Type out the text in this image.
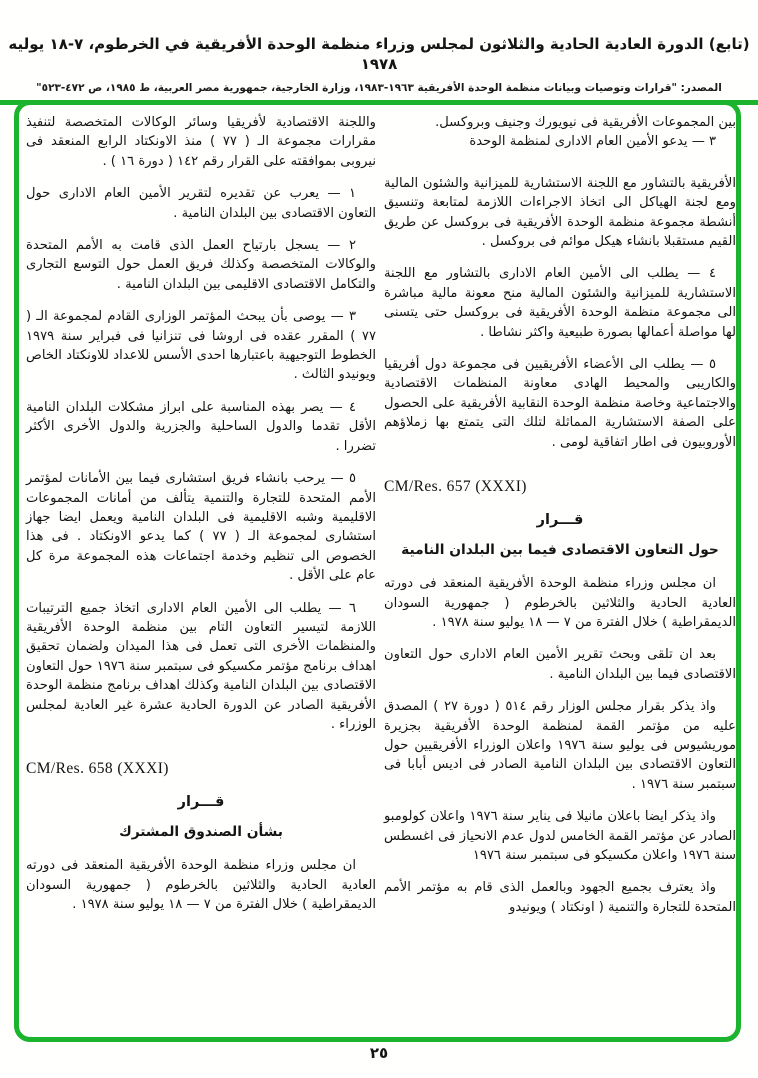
(تابع) الدورة العادية الحادية والثلاثون لمجلس وزراء منظمة الوحدة الأفريقية في الخرطوم، ٧-١٨ يوليه ١٩٧٨
المصدر: "قرارات وتوصيات وبيانات منظمة الوحدة الأفريقية ١٩٦٣-١٩٨٣، وزارة الخارجية، جمهورية مصر العربية، ط ١٩٨٥، ص ٤٧٢-٥٢٣"

بين المجموعات الأفريقية فى نيويورك وجنيف وبروكسل.

٣ — يدعو الأمين العام الادارى لمنظمة الوحدة

الأفريقية بالتشاور مع اللجنة الاستشارية للميزانية والشئون المالية ومع لجنة الهياكل الى اتخاذ الاجراءات اللازمة لمتابعة وتنسيق أنشطة مجموعة منظمة الوحدة الأفريقية فى بروكسل عن طريق القيم مستقبلا بانشاء هيكل موائم فى بروكسل .

٤ — يطلب الى الأمين العام الادارى بالتشاور مع اللجنة الاستشارية للميزانية والشئون المالية منح معونة مالية مباشرة الى مجموعة منظمة الوحدة الأفريقية فى بروكسل حتى يتسنى لها مواصلة أعمالها بصورة طبيعية واكثر نشاطا .

٥ — يطلب الى الأعضاء الأفريقيين فى مجموعة دول أفريقيا والكاريبى والمحيط الهادى معاونة المنظمات الاقتصادية والاجتماعية وخاصة منظمة الوحدة النقابية الأفريقية على الحصول على الصفة الاستشارية المماثلة لتلك التى يتمتع بها زملاؤهم الأوروبيون فى اطار اتفاقية لومى .

CM/Res. 657 (XXXI)

قـــرار

حول التعاون الاقتصادى فيما بين البلدان النامية

ان مجلس وزراء منظمة الوحدة الأفريقية المنعقد فى دورته العادية الحادية والثلاثين بالخرطوم ( جمهورية السودان الديمقراطية ) خلال الفترة من ٧ — ١٨ يوليو سنة ١٩٧٨ .

بعد ان تلقى وبحث تقرير الأمين العام الادارى حول التعاون الاقتصادى فيما بين البلدان النامية .

واذ يذكر بقرار مجلس الوزار رقم ٥١٤ ( دورة ٢٧ ) المصدق عليه من مؤتمر القمة لمنظمة الوحدة الأفريقية بجزيرة موريشيوس فى يوليو سنة ١٩٧٦ واعلان الوزراء الأفريقيين حول التعاون الاقتصادى بين البلدان النامية الصادر فى اديس أبابا فى سبتمبر سنة ١٩٧٦ .

واذ يذكر ايضا باعلان مانيلا فى يناير سنة ١٩٧٦ واعلان كولومبو الصادر عن مؤتمر القمة الخامس لدول عدم الانحياز فى اغسطس سنة ١٩٧٦ واعلان مكسيكو فى سبتمبر سنة ١٩٧٦

واذ يعترف بجميع الجهود وبالعمل الذى قام به مؤتمر الأمم المتحدة للتجارة والتنمية ( اونكتاد ) ويونيدو

واللجنة الاقتصادية لأفريقيا وسائر الوكالات المتخصصة لتنفيذ مقرارات مجموعة الـ ( ٧٧ ) منذ الاونكتاد الرابع المنعقد فى نيروبى بموافقته على القرار رقم ١٤٢ ( دورة ١٦ ) .

١ — يعرب عن تقديره لتقرير الأمين العام الادارى حول التعاون الاقتصادى بين البلدان النامية .

٢ — يسجل بارتياح العمل الذى قامت به الأمم المتحدة والوكالات المتخصصة وكذلك فريق العمل حول التوسع التجارى والتكامل الاقتصادى الاقليمى بين البلدان النامية .

٣ — يوصى بأن يبحث المؤتمر الوزارى القادم لمجموعة الـ ( ٧٧ ) المقرر عقده فى اروشا فى تنزانيا فى فبراير سنة ١٩٧٩ الخطوط التوجيهية باعتبارها احدى الأسس للاعداد للاونكتاد الخاص ويونيدو الثالث .

٤ — يصر بهذه المناسبة على ابراز مشكلات البلدان النامية الأقل تقدما والدول الساحلية والجزرية والدول الأخرى الأكثر تضررا .

٥ — يرحب بانشاء فريق استشارى فيما بين الأمانات لمؤتمر الأمم المتحدة للتجارة والتنمية يتألف من أمانات المجموعات الاقليمية وشبه الاقليمية فى البلدان النامية ويعمل ايضا جهاز استشارى لمجموعة الـ ( ٧٧ ) كما يدعو الاونكتاد . فى هذا الخصوص الى تنظيم وخدمة اجتماعات هذه المجموعة مرة كل عام على الأقل .

٦ — يطلب الى الأمين العام الادارى اتخاذ جميع الترتيبات اللازمة لتيسير التعاون التام بين منظمة الوحدة الأفريقية والمنظمات الأخرى التى تعمل فى هذا الميدان ولضمان تحقيق اهداف برنامج مؤتمر مكسيكو فى سبتمبر سنة ١٩٧٦ حول التعاون الاقتصادى بين البلدان النامية وكذلك اهداف برنامج منظمة الوحدة الأفريقية الصادر عن الدورة الحادية عشرة غير العادية لمجلس الوزراء .

CM/Res. 658 (XXXI)

قـــرار

بشأن الصندوق المشترك

ان مجلس وزراء منظمة الوحدة الأفريقية المنعقد فى دورته العادية الحادية والثلاثين بالخرطوم ( جمهورية السودان الديمقراطية ) خلال الفترة من ٧ — ١٨ يوليو سنة ١٩٧٨ .

٢٥
